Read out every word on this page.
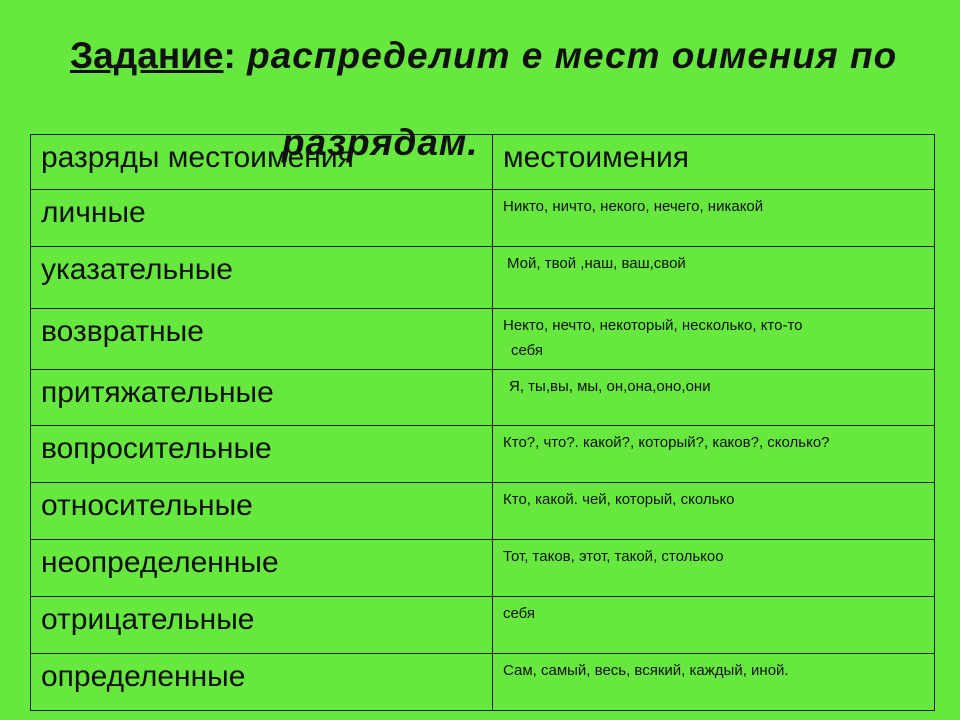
Задание: распределит е мест оимения по
разрядам.
разряды местоимения	местоимения
личные	Никто, ничто, некого, нечего, никакой

указательные	Мой, твой ,наш, ваш,свой

возвратные	Некто, нечто, некоторый, несколько, кто-то
себя

притяжательные	Я, ты,вы, мы, он,она,оно,они

вопросительные	Кто?, что?. какой?, который?, каков?, сколько?

относительные	Кто, какой. чей, который, сколько

неопределенные	Тот, таков, этот, такой, столькоо

отрицательные	себя

определенные	Сам, самый, весь, всякий, каждый, иной.
